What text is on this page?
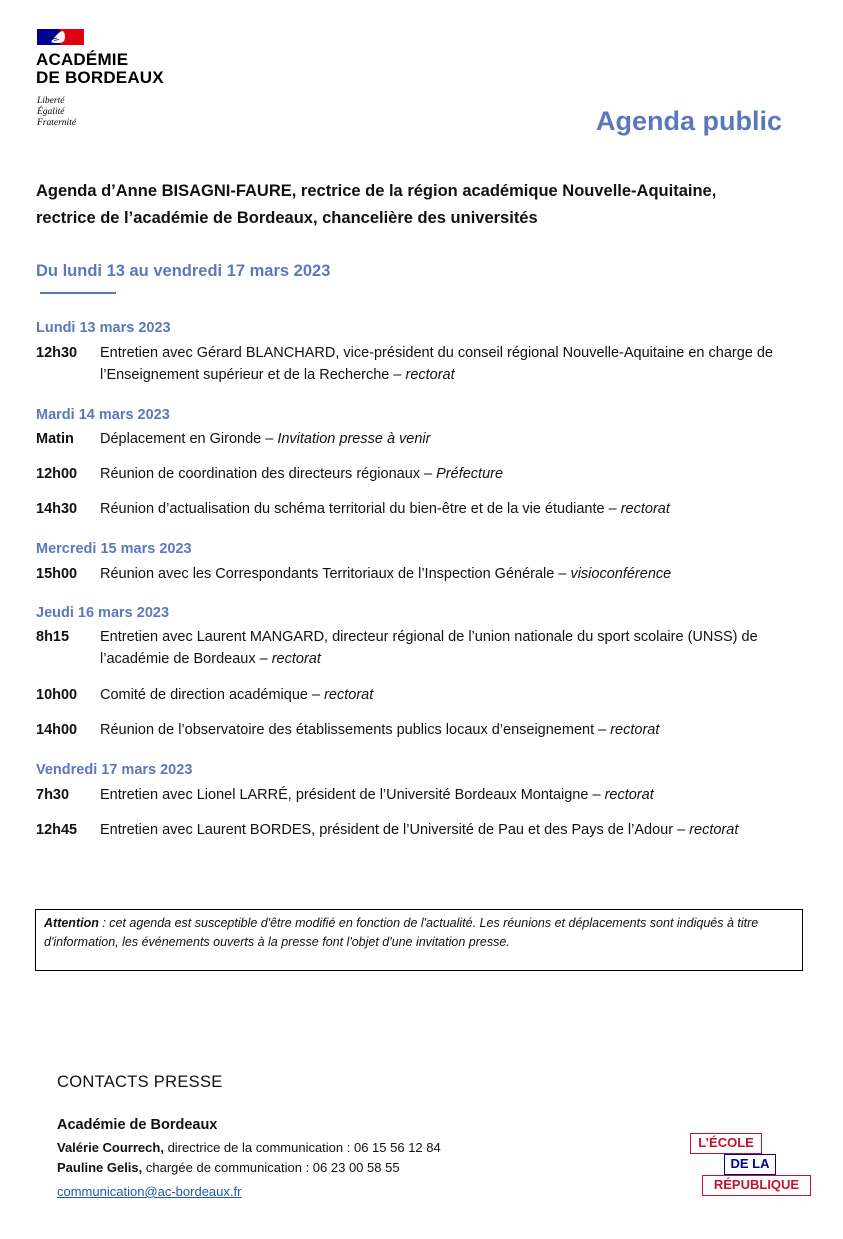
ACADÉMIE
DE BORDEAUX
Liberté
Égalité
Fraternité	Agenda public
Agenda d’Anne BISAGNI-FAURE, rectrice de la région académique Nouvelle-Aquitaine, rectrice de l’académie de Bordeaux, chancelière des universités
Du lundi 13 au vendredi 17 mars 2023
Lundi 13 mars 2023
12h30 Entretien avec Gérard BLANCHARD, vice-président du conseil régional Nouvelle-Aquitaine en charge de l’Enseignement supérieur et de la Recherche – rectorat
Mardi 14 mars 2023
Matin Déplacement en Gironde – Invitation presse à venir
12h00 Réunion de coordination des directeurs régionaux – Préfecture
14h30 Réunion d’actualisation du schéma territorial du bien-être et de la vie étudiante – rectorat
Mercredi 15 mars 2023
15h00 Réunion avec les Correspondants Territoriaux de l’Inspection Générale – visioconférence
Jeudi 16 mars 2023
8h15 Entretien avec Laurent MANGARD, directeur régional de l’union nationale du sport scolaire (UNSS) de l’académie de Bordeaux – rectorat
10h00 Comité de direction académique – rectorat
14h00 Réunion de l’observatoire des établissements publics locaux d’enseignement – rectorat
Vendredi 17 mars 2023
7h30 Entretien avec Lionel LARRÉ, président de l’Université Bordeaux Montaigne – rectorat
12h45 Entretien avec Laurent BORDES, président de l’Université de Pau et des Pays de l’Adour – rectorat
Attention : cet agenda est susceptible d'être modifié en fonction de l'actualité. Les réunions et déplacements sont indiqués à titre d'information, les événements ouverts à la presse font l'objet d'une invitation presse.
CONTACTS PRESSE
Académie de Bordeaux
Valérie Courrech, directrice de la communication : 06 15 56 12 84
Pauline Gelis, chargée de communication : 06 23 00 58 55
communication@ac-bordeaux.fr
L’ÉCOLE
DE LA
RÉPUBLIQUE
